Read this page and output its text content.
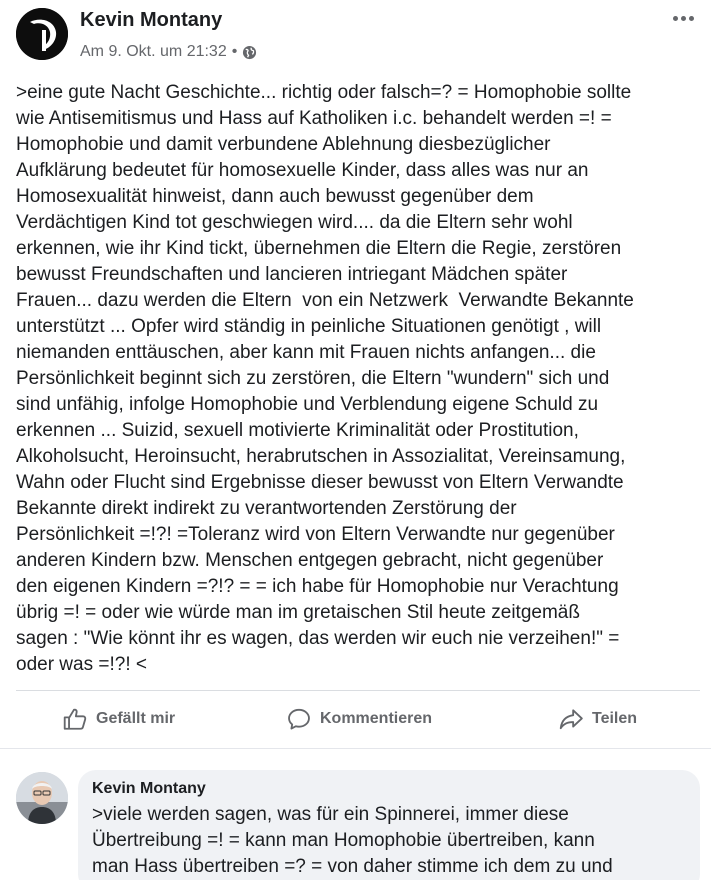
Kevin Montany
Am 9. Okt. um 21:32 •
>eine gute Nacht Geschichte... richtig oder falsch=? = Homophobie sollte
wie Antisemitismus und Hass auf Katholiken i.c. behandelt werden =! =
Homophobie und damit verbundene Ablehnung diesbezüglicher
Aufklärung bedeutet für homosexuelle Kinder, dass alles was nur an
Homosexualität hinweist, dann auch bewusst gegenüber dem
Verdächtigen Kind tot geschwiegen wird.... da die Eltern sehr wohl
erkennen, wie ihr Kind tickt, übernehmen die Eltern die Regie, zerstören
bewusst Freundschaften und lancieren intriegant Mädchen später
Frauen... dazu werden die Eltern  von ein Netzwerk  Verwandte Bekannte
unterstützt ... Opfer wird ständig in peinliche Situationen genötigt , will
niemanden enttäuschen, aber kann mit Frauen nichts anfangen... die
Persönlichkeit beginnt sich zu zerstören, die Eltern "wundern" sich und
sind unfähig, infolge Homophobie und Verblendung eigene Schuld zu
erkennen ... Suizid, sexuell motivierte Kriminalität oder Prostitution,
Alkoholsucht, Heroinsucht, herabrutschen in Assozialitat, Vereinsamung,
Wahn oder Flucht sind Ergebnisse dieser bewusst von Eltern Verwandte
Bekannte direkt indirekt zu verantwortenden Zerstörung der
Persönlichkeit =!?! =Toleranz wird von Eltern Verwandte nur gegenüber
anderen Kindern bzw. Menschen entgegen gebracht, nicht gegenüber
den eigenen Kindern =?!? = = ich habe für Homophobie nur Verachtung
übrig =! = oder wie würde man im gretaischen Stil heute zeitgemäß
sagen : "Wie könnt ihr es wagen, das werden wir euch nie verzeihen!" =
oder was =!?! <
Gefällt mir	Kommentieren	Teilen
Kevin Montany
>viele werden sagen, was für ein Spinnerei, immer diese
Übertreibung =! = kann man Homophobie übertreiben, kann
man Hass übertreiben =? = von daher stimme ich dem zu und
